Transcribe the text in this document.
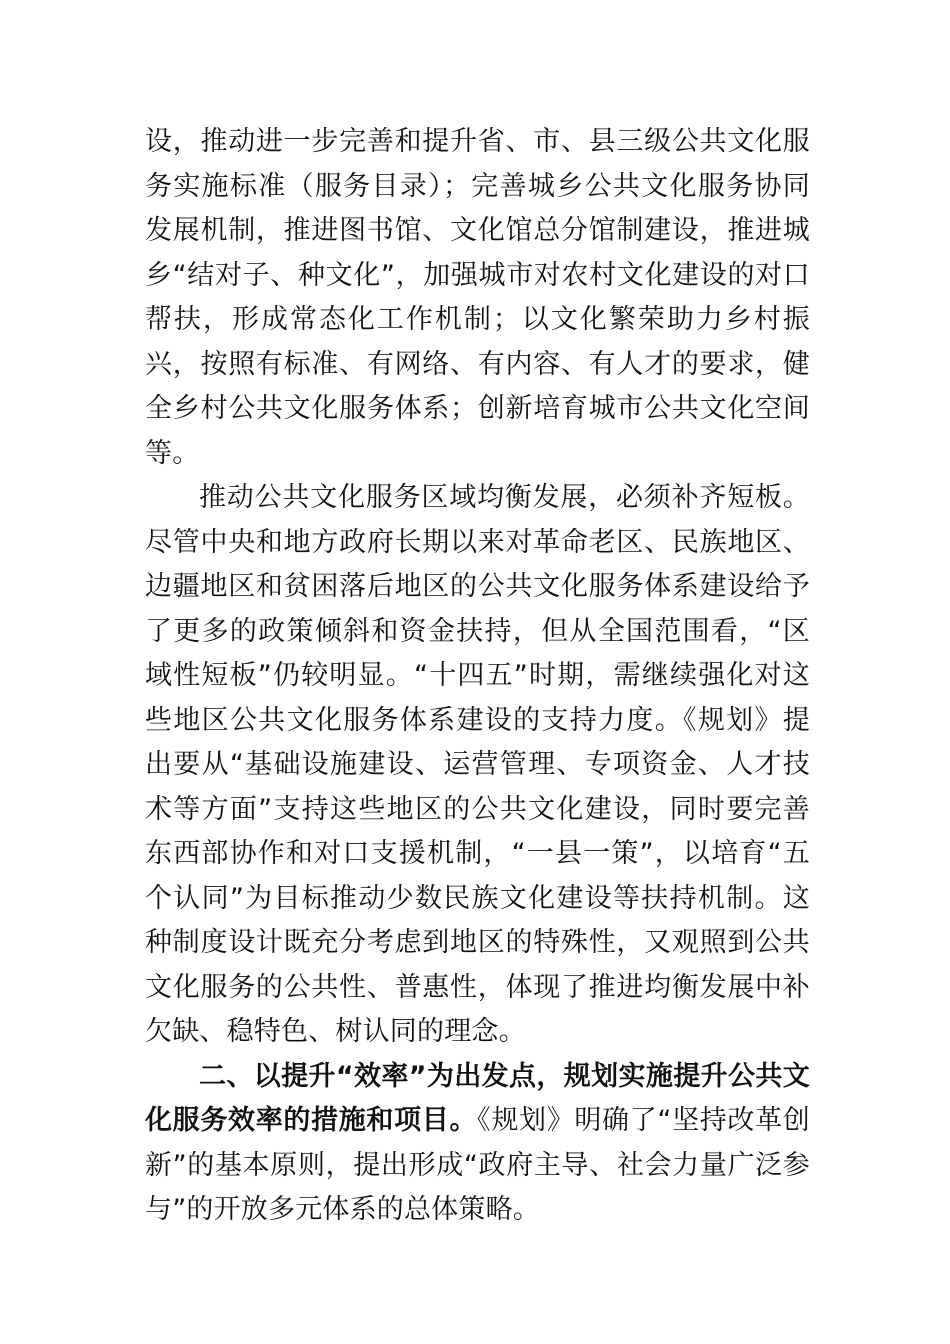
设，推动进一步完善和提升省、市、县三级公共文化服务实施标准（服务目录）；完善城乡公共文化服务协同发展机制，推进图书馆、文化馆总分馆制建设，推进城乡“结对子、种文化”，加强城市对农村文化建设的对口帮扶，形成常态化工作机制；以文化繁荣助力乡村振兴，按照有标准、有网络、有内容、有人才的要求，健全乡村公共文化服务体系；创新培育城市公共文化空间等。

推动公共文化服务区域均衡发展，必须补齐短板。尽管中央和地方政府长期以来对革命老区、民族地区、边疆地区和贫困落后地区的公共文化服务体系建设给予了更多的政策倾斜和资金扶持，但从全国范围看，“区域性短板”仍较明显。“十四五”时期，需继续强化对这些地区公共文化服务体系建设的支持力度。《规划》提出要从“基础设施建设、运营管理、专项资金、人才技术等方面”支持这些地区的公共文化建设，同时要完善东西部协作和对口支援机制，“一县一策”，以培育“五个认同”为目标推动少数民族文化建设等扶持机制。这种制度设计既充分考虑到地区的特殊性，又观照到公共文化服务的公共性、普惠性，体现了推进均衡发展中补欠缺、稳特色、树认同的理念。

二、以提升“效率”为出发点，规划实施提升公共文化服务效率的措施和项目。《规划》明确了“坚持改革创新”的基本原则，提出形成“政府主导、社会力量广泛参与”的开放多元体系的总体策略。
